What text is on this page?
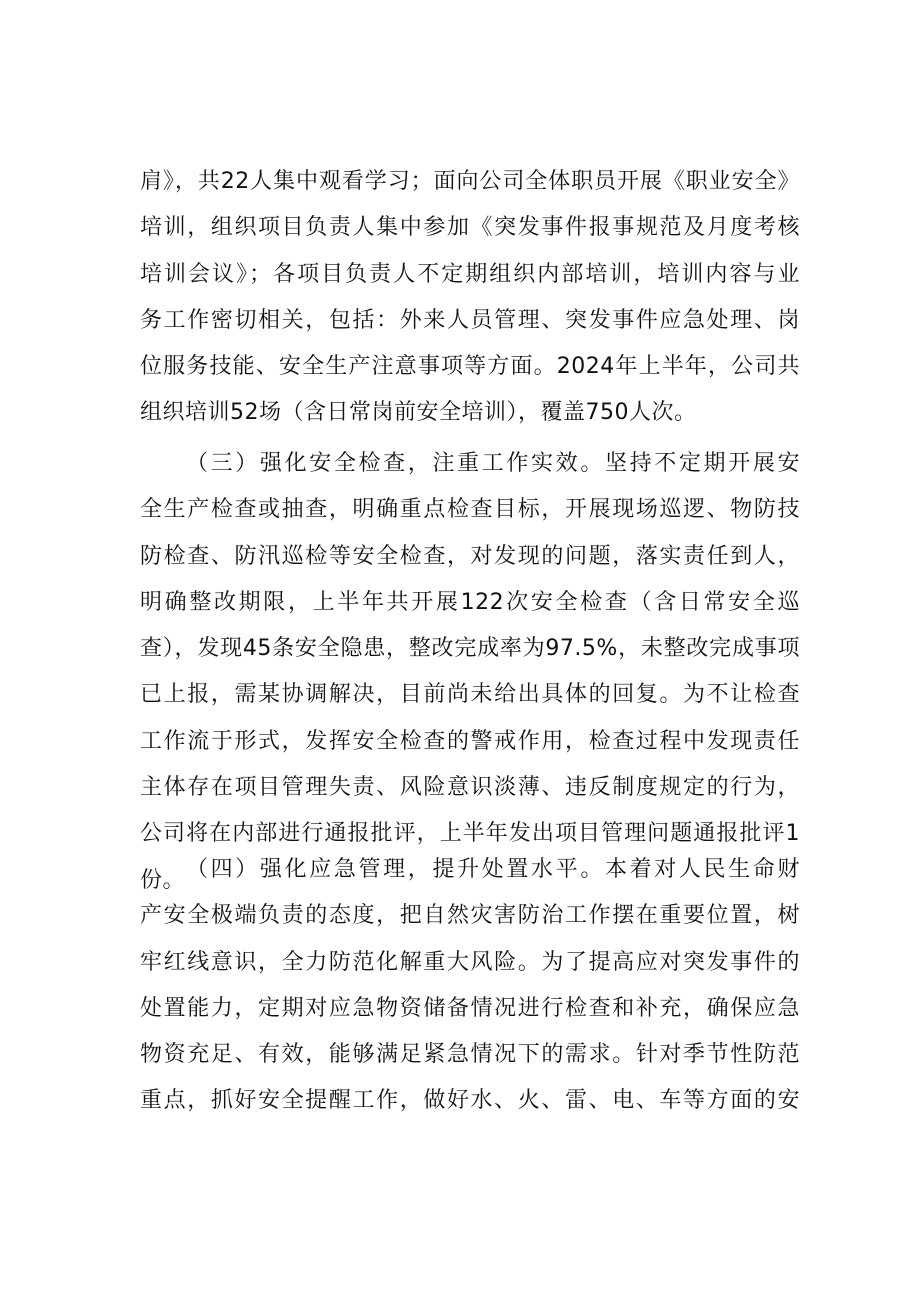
肩》，共22人集中观看学习；面向公司全体职员开展《职业安全》
培训，组织项目负责人集中参加《突发事件报事规范及月度考核
培训会议》；各项目负责人不定期组织内部培训，培训内容与业
务工作密切相关，包括：外来人员管理、突发事件应急处理、岗
位服务技能、安全生产注意事项等方面。2024年上半年，公司共
组织培训52场（含日常岗前安全培训），覆盖750人次。
（三）强化安全检查，注重工作实效。坚持不定期开展安
全生产检查或抽查，明确重点检查目标，开展现场巡逻、物防技
防检查、防汛巡检等安全检查，对发现的问题，落实责任到人，
明确整改期限，上半年共开展122次安全检查（含日常安全巡
查），发现45条安全隐患，整改完成率为97.5%，未整改完成事项
已上报，需某协调解决，目前尚未给出具体的回复。为不让检查
工作流于形式，发挥安全检查的警戒作用，检查过程中发现责任
主体存在项目管理失责、风险意识淡薄、违反制度规定的行为，
公司将在内部进行通报批评，上半年发出项目管理问题通报批评1
份。 （四）强化应急管理，提升处置水平。本着对人民生命财
产安全极端负责的态度，把自然灾害防治工作摆在重要位置，树
牢红线意识，全力防范化解重大风险。为了提高应对突发事件的
处置能力，定期对应急物资储备情况进行检查和补充，确保应急
物资充足、有效，能够满足紧急情况下的需求。针对季节性防范
重点，抓好安全提醒工作，做好水、火、雷、电、车等方面的安
